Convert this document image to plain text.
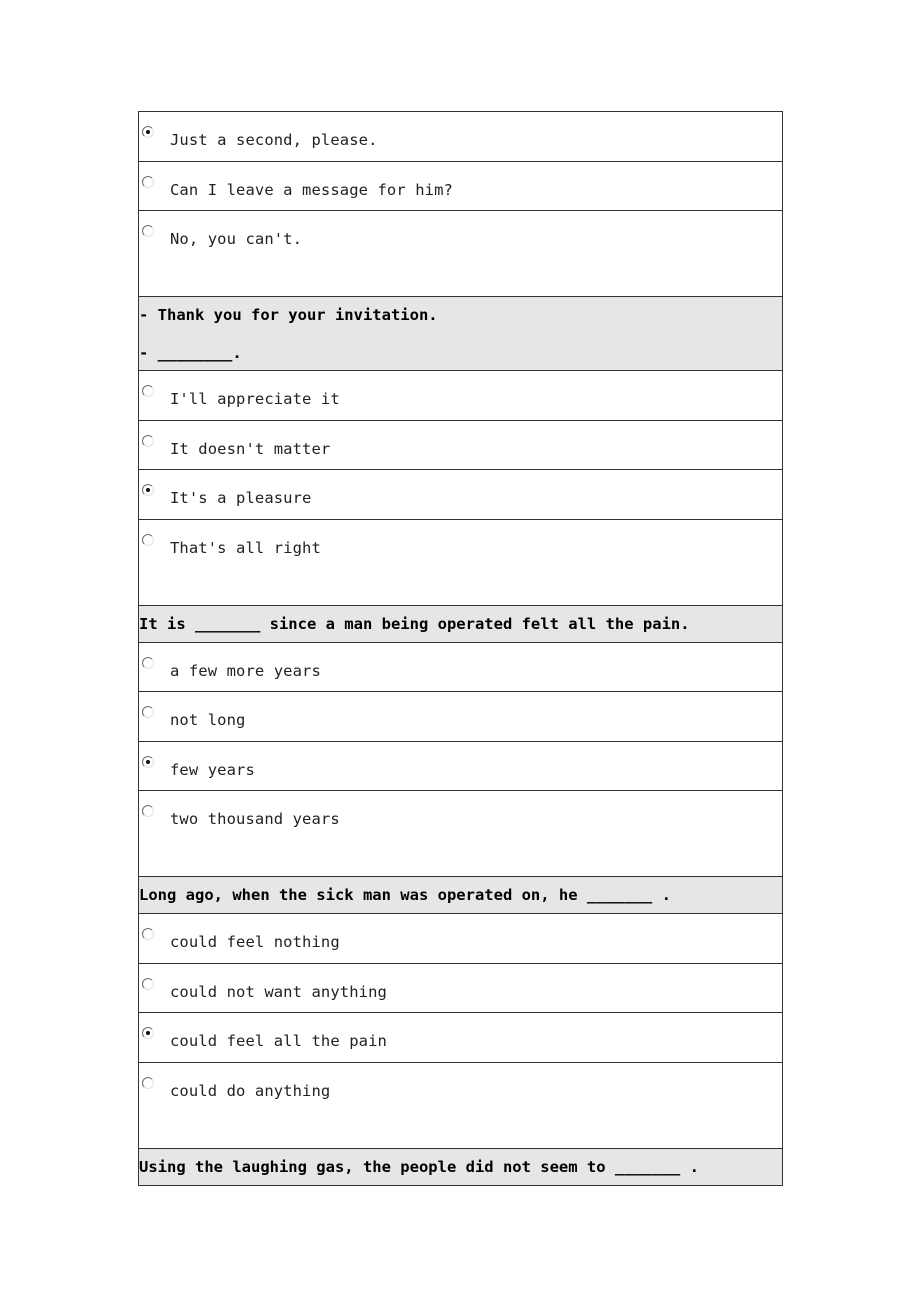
Just a second, please.
Can I leave a message for him?
No, you can't.
- Thank you for your invitation.
- ________.
I'll appreciate it
It doesn't matter
It's a pleasure
That's all right
It is _______ since a man being operated felt all the pain.
a few more years
not long
few years
two thousand years
Long ago, when the sick man was operated on, he _______ .
could feel nothing
could not want anything
could feel all the pain
could do anything
Using the laughing gas, the people did not seem to _______ .
